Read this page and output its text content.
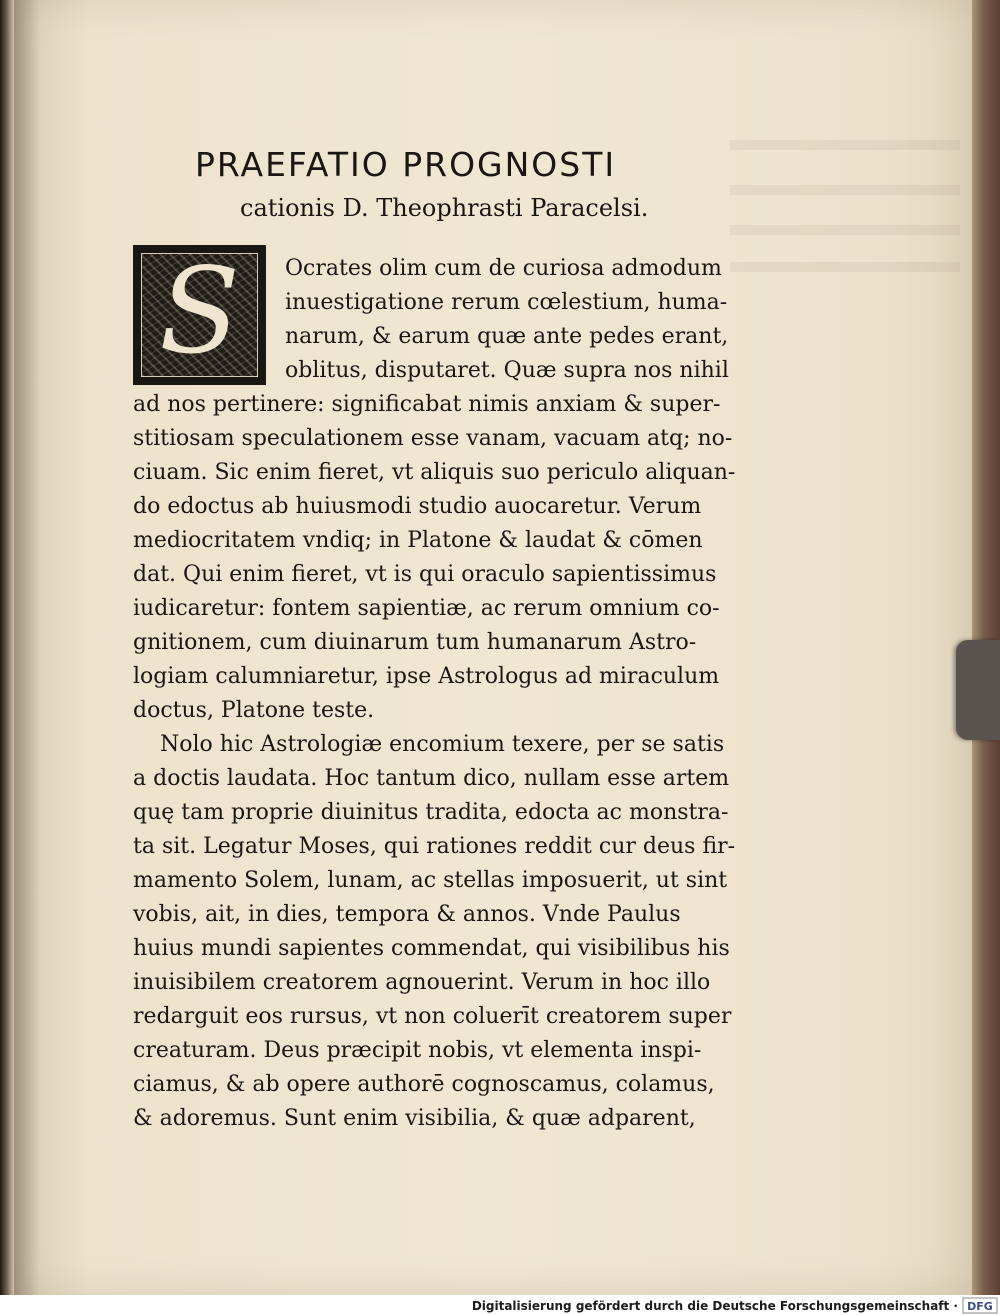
Digitalisierung gefördert durch die Deutsche Forschungsgemeinschaft · DFG
PRAEFATIO PROGNOSTI
cationis D. Theophrasti Paracelsi.
S	Ocrates olim cum de curiosa admodum
inuestigatione rerum cœlestium, huma-
narum, & earum quæ ante pedes erant,
oblitus, disputaret. Quæ supra nos nihil
ad nos pertinere: significabat nimis anxiam & super-
stitiosam speculationem esse vanam, vacuam atq; no-
ciuam. Sic enim fieret, vt aliquis suo periculo aliquan-
do edoctus ab huiusmodi studio auocaretur. Verum
mediocritatem vndiq; in Platone & laudat & cōmen
dat. Qui enim fieret, vt is qui oraculo sapientissimus
iudicaretur: fontem sapientiæ, ac rerum omnium co-
gnitionem, cum diuinarum tum humanarum Astro-
logiam calumniaretur, ipse Astrologus ad miraculum
doctus, Platone teste.
Nolo hic Astrologiæ encomium texere, per se satis
a doctis laudata. Hoc tantum dico, nullam esse artem
quę tam proprie diuinitus tradita, edocta ac monstra-
ta sit. Legatur Moses, qui rationes reddit cur deus fir-
mamento Solem, lunam, ac stellas imposuerit, ut sint
vobis, ait, in dies, tempora & annos. Vnde Paulus
huius mundi sapientes commendat, qui visibilibus his
inuisibilem creatorem agnouerint. Verum in hoc illo
redarguit eos rursus, vt non coluerīt creatorem super
creaturam. Deus præcipit nobis, vt elementa inspi-
ciamus, & ab opere authorē cognoscamus, colamus,
& adoremus. Sunt enim visibilia, & quæ adparent,
